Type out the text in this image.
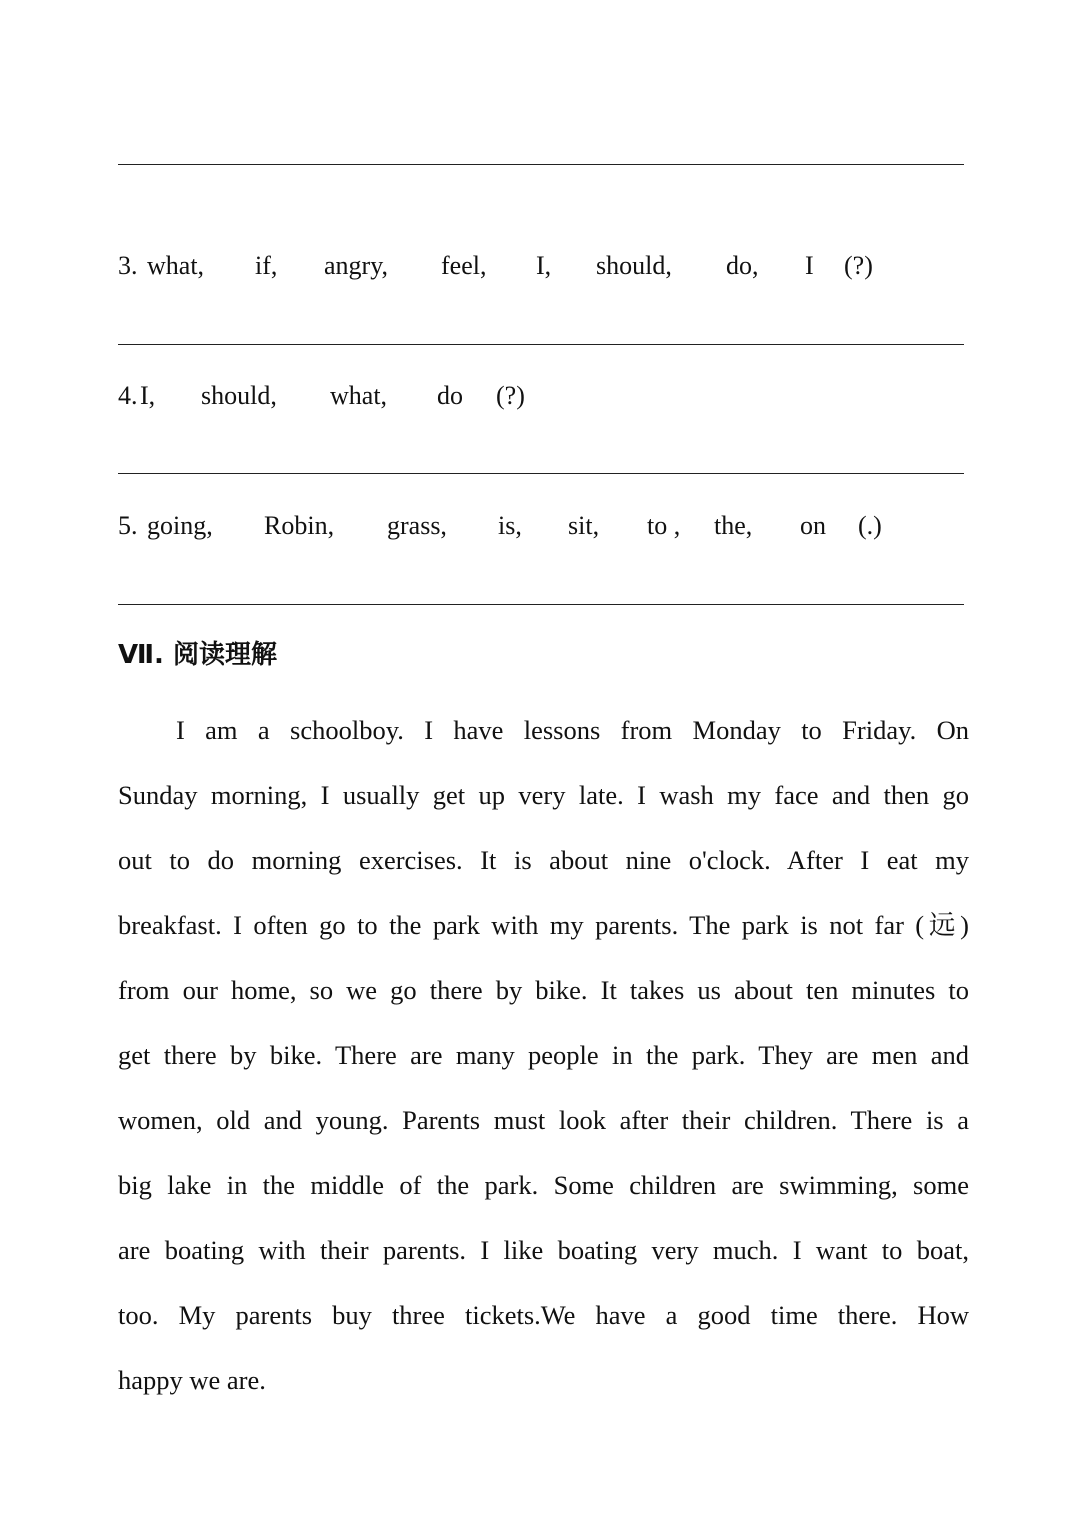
3. what, if, angry, feel, I, should, do, I (?)
4. I, should, what, do (?)
5. going, Robin, grass, is, sit, to , the, on (.)
Ⅶ. 阅读理解
I am a schoolboy. I have lessons from Monday to Friday. On
Sunday morning, I usually get up very late. I wash my face and then go
out to do morning exercises. It is about nine o'clock. After I eat my
breakfast. I often go to the park with my parents. The park is not far (远)
from our home, so we go there by bike. It takes us about ten minutes to
get there by bike. There are many people in the park. They are men and
women, old and young. Parents must look after their children. There is a
big lake in the middle of the park. Some children are swimming, some
are boating with their parents. I like boating very much. I want to boat,
too. My parents buy three tickets.We have a good time there. How
happy we are.
